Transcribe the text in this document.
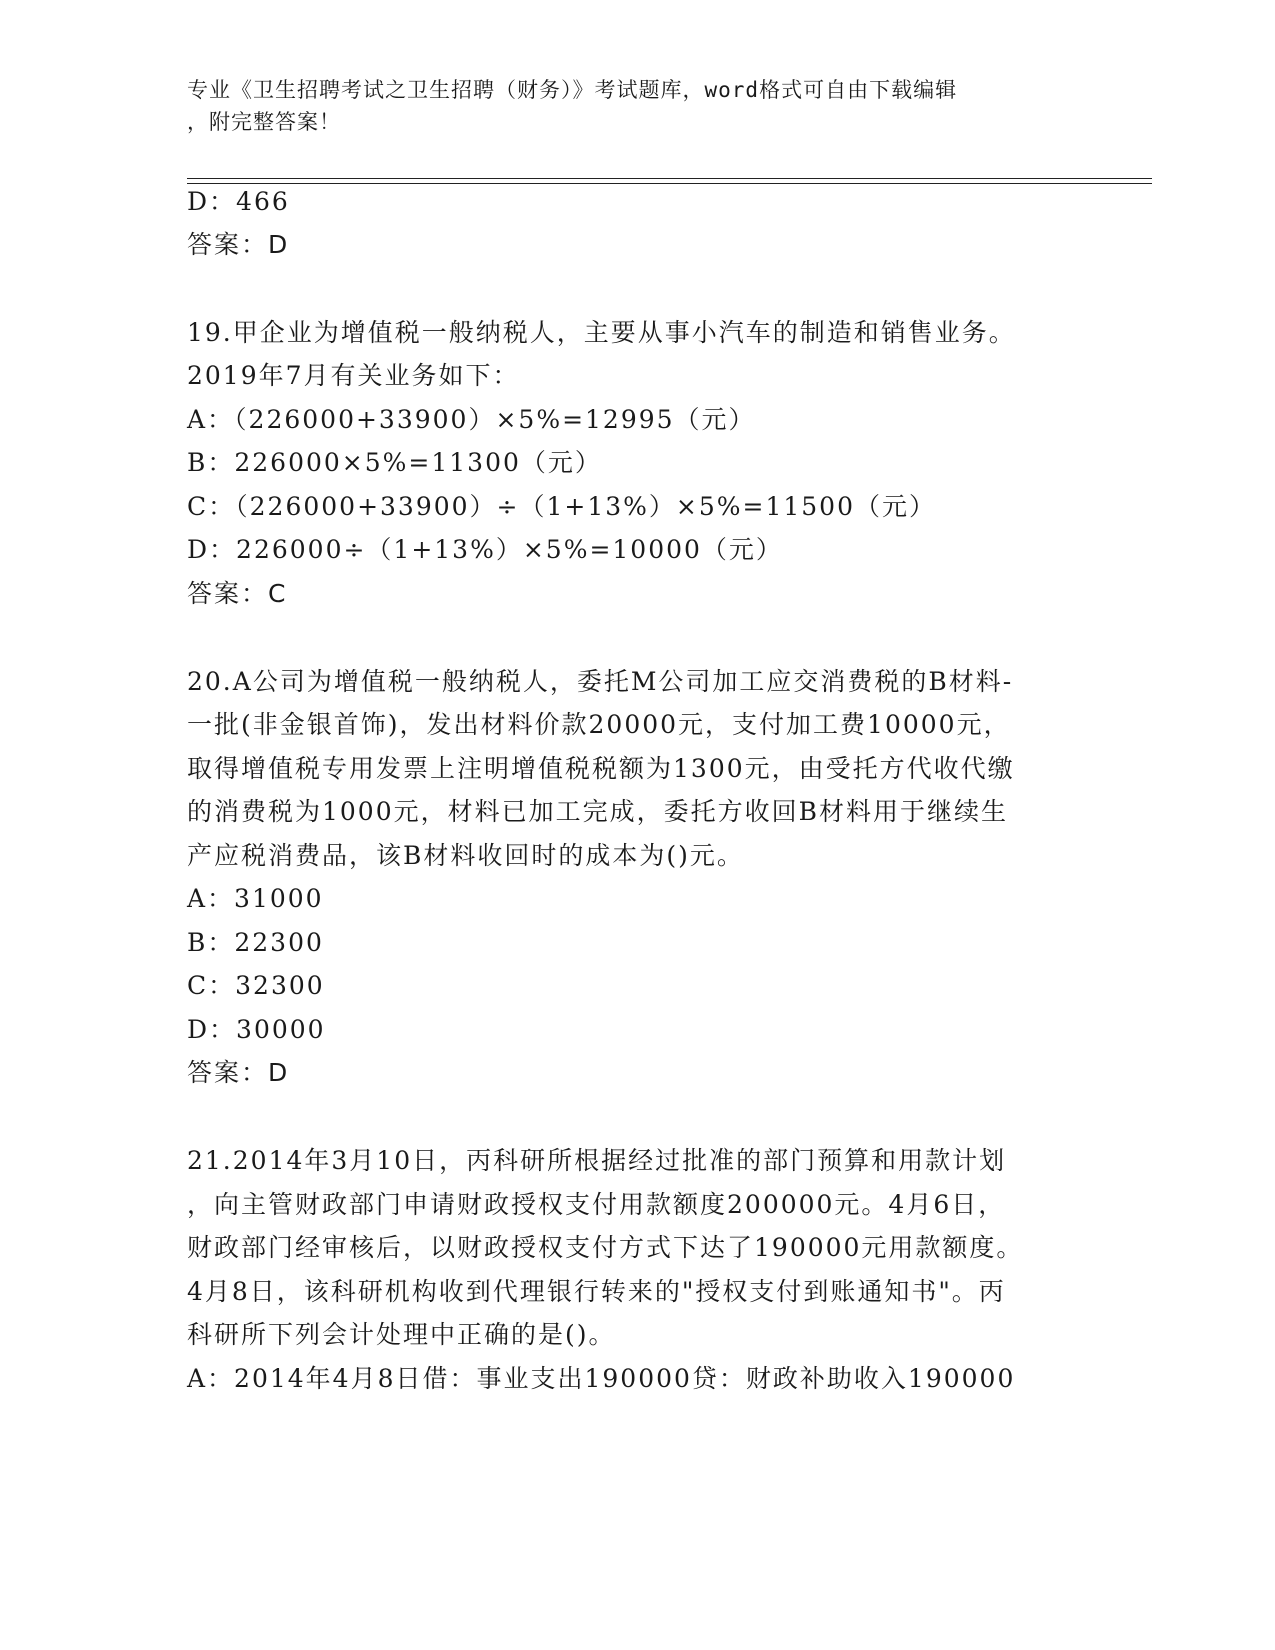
专业《卫生招聘考试之卫生招聘（财务）》考试题库，word格式可自由下载编辑
，附完整答案！
D：466
答案：D
19.甲企业为增值税一般纳税人，主要从事小汽车的制造和销售业务。
2019年7月有关业务如下：
A：（226000+33900）×5%=12995（元）
B：226000×5%=11300（元）
C：（226000+33900）÷（1+13%）×5%=11500（元）
D：226000÷（1+13%）×5%=10000（元）
答案：C
20.A公司为增值税一般纳税人，委托M公司加工应交消费税的B材料-
一批(非金银首饰)，发出材料价款20000元，支付加工费10000元，
取得增值税专用发票上注明增值税税额为1300元，由受托方代收代缴
的消费税为1000元，材料已加工完成，委托方收回B材料用于继续生
产应税消费品，该B材料收回时的成本为()元。
A：31000
B：22300
C：32300
D：30000
答案：D
21.2014年3月10日，丙科研所根据经过批准的部门预算和用款计划
，向主管财政部门申请财政授权支付用款额度200000元。4月6日，
财政部门经审核后，以财政授权支付方式下达了190000元用款额度。
4月8日，该科研机构收到代理银行转来的"授权支付到账通知书"。丙
科研所下列会计处理中正确的是()。
A：2014年4月8日借：事业支出190000贷：财政补助收入190000
